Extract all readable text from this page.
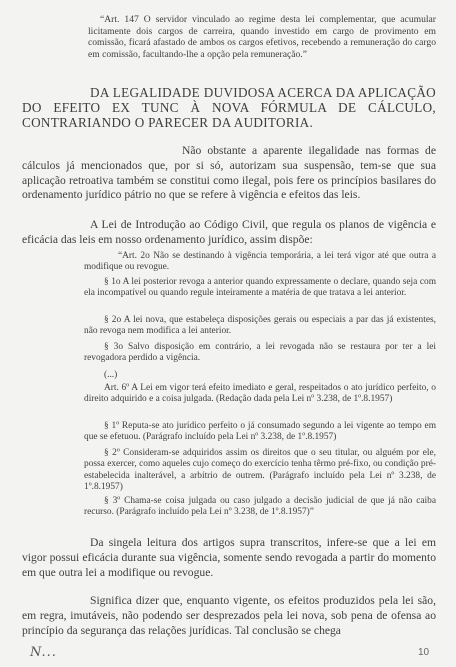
“Art. 147 O servidor vinculado ao regime desta lei complementar, que acumular licitamente dois cargos de carreira, quando investido em cargo de provimento em comissão, ficará afastado de ambos os cargos efetivos, recebendo a remuneração do cargo em comissão, facultando-lhe a opção pela remuneração.”

DA LEGALIDADE DUVIDOSA ACERCA DA APLICAÇÃO DO EFEITO EX TUNC À NOVA FÓRMULA DE CÁLCULO, CONTRARIANDO O PARECER DA AUDITORIA.

Não obstante a aparente ilegalidade nas formas de cálculos já mencionados que, por si só, autorizam sua suspensão, tem-se que sua aplicação retroativa também se constitui como ilegal, pois fere os princípios basilares do ordenamento jurídico pátrio no que se refere à vigência e efeitos das leis.

A Lei de Introdução ao Código Civil, que regula os planos de vigência e eficácia das leis em nosso ordenamento jurídico, assim dispõe:

“Art. 2o Não se destinando à vigência temporária, a lei terá vigor até que outra a modifique ou revogue.

§ 1o A lei posterior revoga a anterior quando expressamente o declare, quando seja com ela incompatível ou quando regule inteiramente a matéria de que tratava a lei anterior.

§ 2o A lei nova, que estabeleça disposições gerais ou especiais a par das já existentes, não revoga nem modifica a lei anterior.

§ 3o Salvo disposição em contrário, a lei revogada não se restaura por ter a lei revogadora perdido a vigência.

(...)

Art. 6º A Lei em vigor terá efeito imediato e geral, respeitados o ato jurídico perfeito, o direito adquirido e a coisa julgada. (Redação dada pela Lei nº 3.238, de 1º.8.1957)

§ 1º Reputa-se ato jurídico perfeito o já consumado segundo a lei vigente ao tempo em que se efetuou. (Parágrafo incluído pela Lei nº 3.238, de 1º.8.1957)

§ 2º Consideram-se adquiridos assim os direitos que o seu titular, ou alguém por ele, possa exercer, como aqueles cujo começo do exercício tenha têrmo pré-fixo, ou condição pré-estabelecida inalterável, a arbítrio de outrem. (Parágrafo incluído pela Lei nº 3.238, de 1º.8.1957)

§ 3º Chama-se coisa julgada ou caso julgado a decisão judicial de que já não caiba recurso. (Parágrafo incluído pela Lei nº 3.238, de 1º.8.1957)”

Da singela leitura dos artigos supra transcritos, infere-se que a lei em vigor possui eficácia durante sua vigência, somente sendo revogada a partir do momento em que outra lei a modifique ou revogue.

Significa dizer que, enquanto vigente, os efeitos produzidos pela lei são, em regra, imutáveis, não podendo ser desprezados pela lei nova, sob pena de ofensa ao princípio da segurança das relações jurídicas. Tal conclusão se chega

N...	10
